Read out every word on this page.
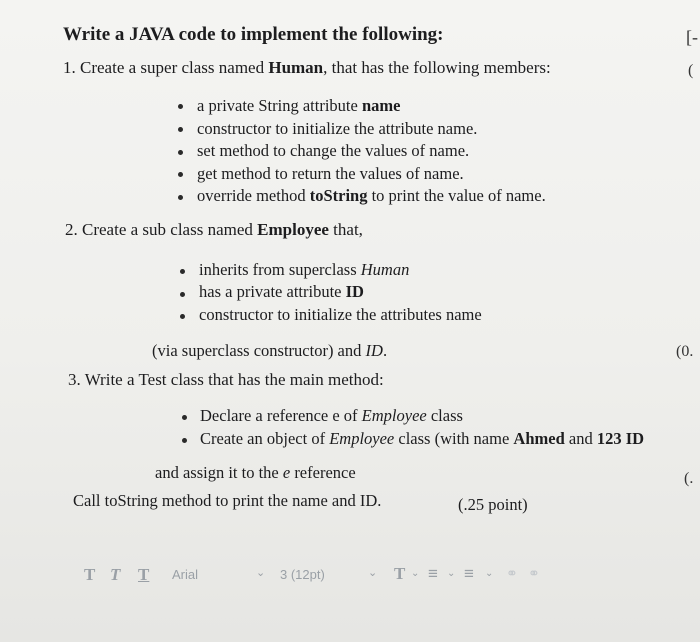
Write a JAVA code to implement the following:	[-
(
1. Create a super class named Human, that has the following members:
a private String attribute name
constructor to initialize the attribute name.
set method to change the values of name.
get method to return the values of name.
override method toString to print the value of name.
2. Create a sub class named Employee that,
inherits from superclass Human
has a private attribute ID
constructor to initialize the attributes name
(via superclass constructor) and ID.	(0.
3. Write a Test class that has the main method:
Declare a reference e of Employee class
Create an object of Employee class (with name Ahmed and 123 ID
and assign it to the e reference	(.
Call toString method to print the name and ID.	(.25 point)
T T T Arial	⌄ 3 (12pt)	⌄ T ⌄ ≡ ⌄ ≡ ⌄ ⚭ ⚭
